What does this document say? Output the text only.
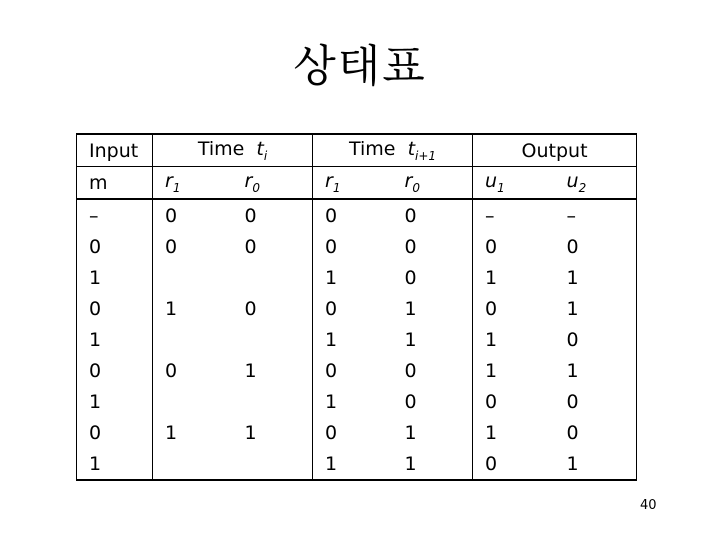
상태표
Input	Time $t_i$		Time $t_{i+1}$		Output	
m	$r_1$	$r_0$	$r_1$	$r_0$	$u_1$	$u_2$
–	0	0	0	0	–	–
0	0	0	0	0	0	0
1			1	0	1	1
0	1	0	0	1	0	1
1			1	1	1	0
0	0	1	0	0	1	1
1			1	0	0	0
0	1	1	0	1	1	0
1			1	1	0	1
40
